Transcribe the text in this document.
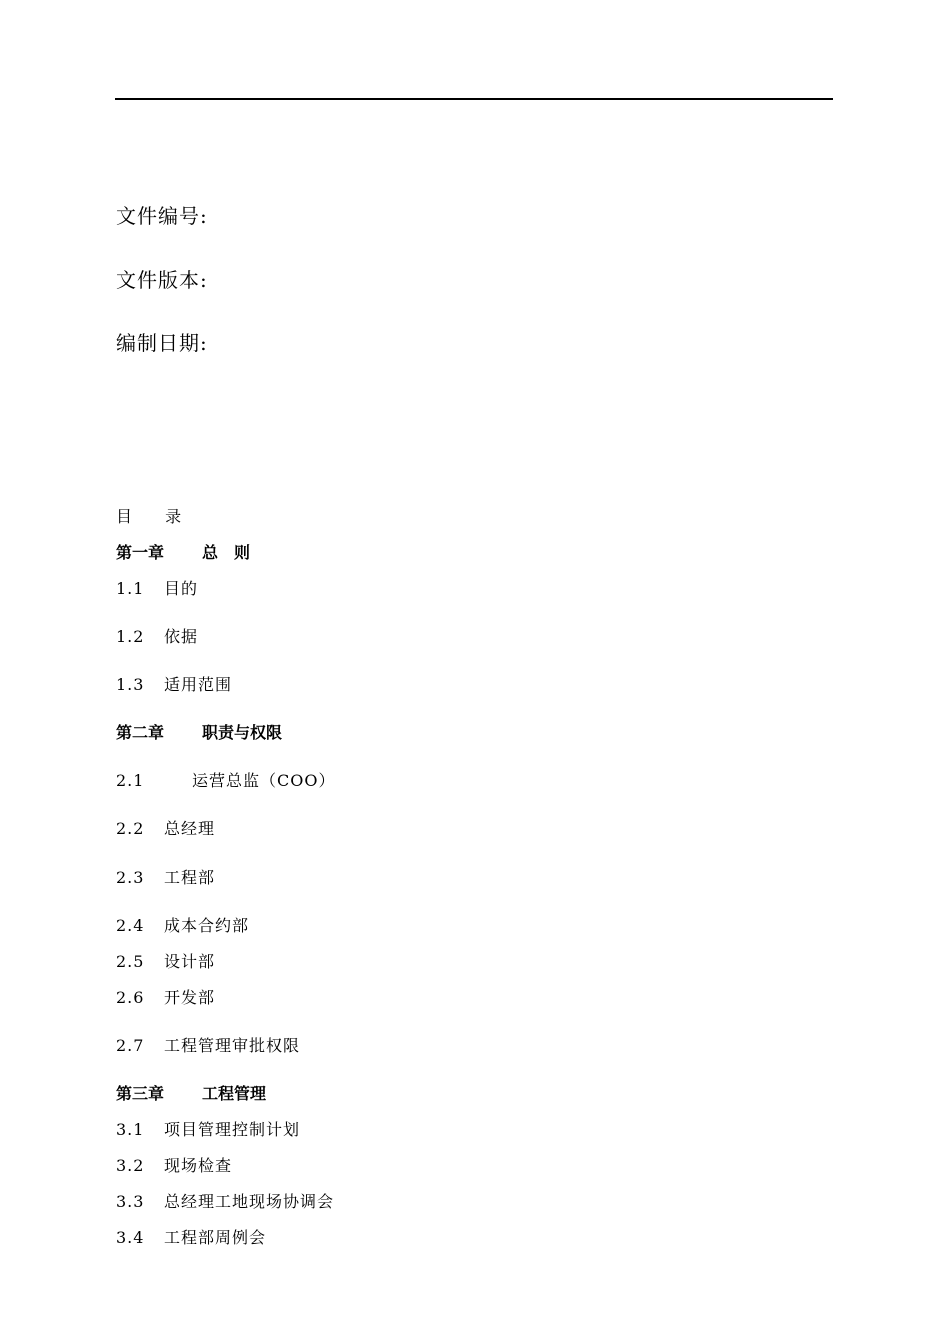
文件编号:
文件版本:
编制日期:
目 录
第一章 总　则
1.1 目的
1.2 依据
1.3 适用范围
第二章 职责与权限
2.1	运营总监（COO）
2.2 总经理
2.3 工程部
2.4 成本合约部
2.5 设计部
2.6 开发部
2.7 工程管理审批权限
第三章 工程管理
3.1 项目管理控制计划
3.2 现场检查
3.3 总经理工地现场协调会
3.4 工程部周例会
